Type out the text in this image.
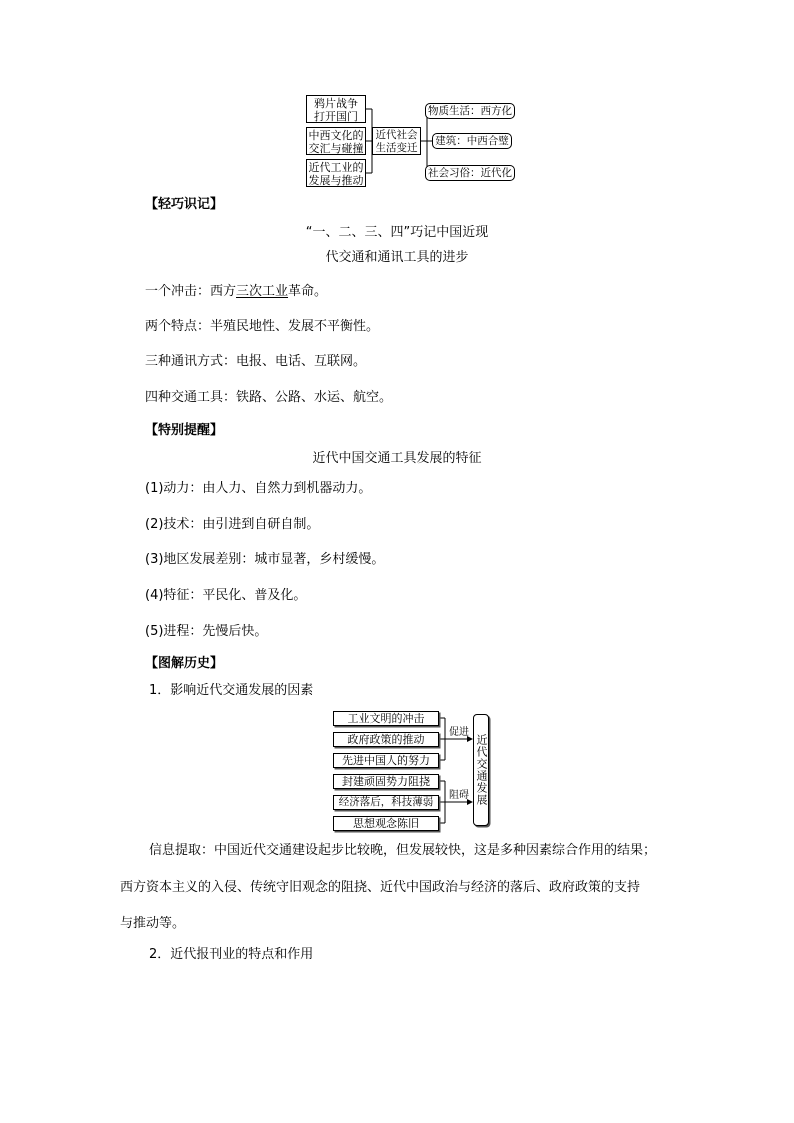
鸦片战争
打开国门
中西文化的
交汇与碰撞
近代工业的
发展与推动
近代社会
生活变迁
物质生活：西方化
建筑：中西合璧
社会习俗：近代化
【轻巧识记】
“一、二、三、四”巧记中国近现
代交通和通讯工具的进步
一个冲击：西方三次工业革命。
两个特点：半殖民地性、发展不平衡性。
三种通讯方式：电报、电话、互联网。
四种交通工具：铁路、公路、水运、航空。
【特别提醒】
近代中国交通工具发展的特征
(1)动力：由人力、自然力到机器动力。
(2)技术：由引进到自研自制。
(3)地区发展差别：城市显著，乡村缓慢。
(4)特征：平民化、普及化。
(5)进程：先慢后快。
【图解历史】
1．影响近代交通发展的因素
工业文明的冲击
政府政策的推动
先进中国人的努力
封建顽固势力阻挠
经济落后，科技薄弱
思想观念陈旧
促进
阻碍 近代交通发展
信息提取：中国近代交通建设起步比较晚，但发展较快，这是多种因素综合作用的结果；
西方资本主义的入侵、传统守旧观念的阻挠、近代中国政治与经济的落后、政府政策的支持
与推动等。
2．近代报刊业的特点和作用
